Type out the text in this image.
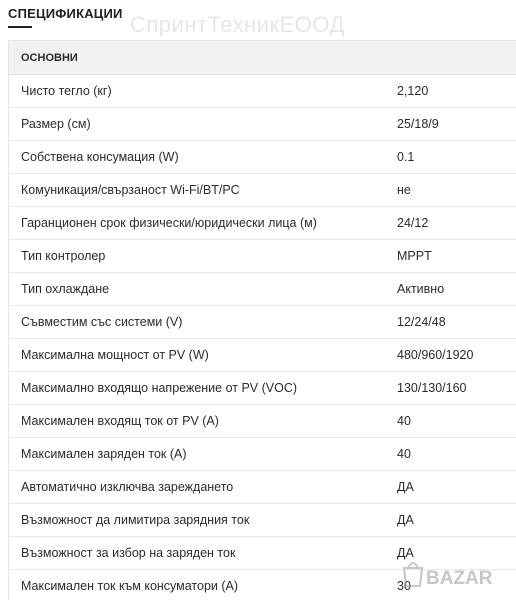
СПЕЦИФИКАЦИИ СпринтТехникЕООД
ОСНОВНИ
Чисто тегло (кг)	2,120
Размер (см)	25/18/9
Собствена консумация (W)	0.1
Комуникация/свързаност Wi-Fi/BT/PC	не
Гаранционен срок физически/юридически лица (м)	24/12
Тип контролер	MPPT
Тип охлаждане	Активно
Съвместим със системи (V)	12/24/48
Максимална мощност от PV (W)	480/960/1920
Максимално входящо напрежение от PV (VOC)	130/130/160
Максимален входящ ток от PV (A)	40
Максимален заряден ток (A)	40
Автоматично изключва зареждането	ДА
Възможност да лимитира зарядния ток	ДА
Възможност за избор на заряден ток	ДА
Максимален ток към консуматори (A)	30 BAZAR
